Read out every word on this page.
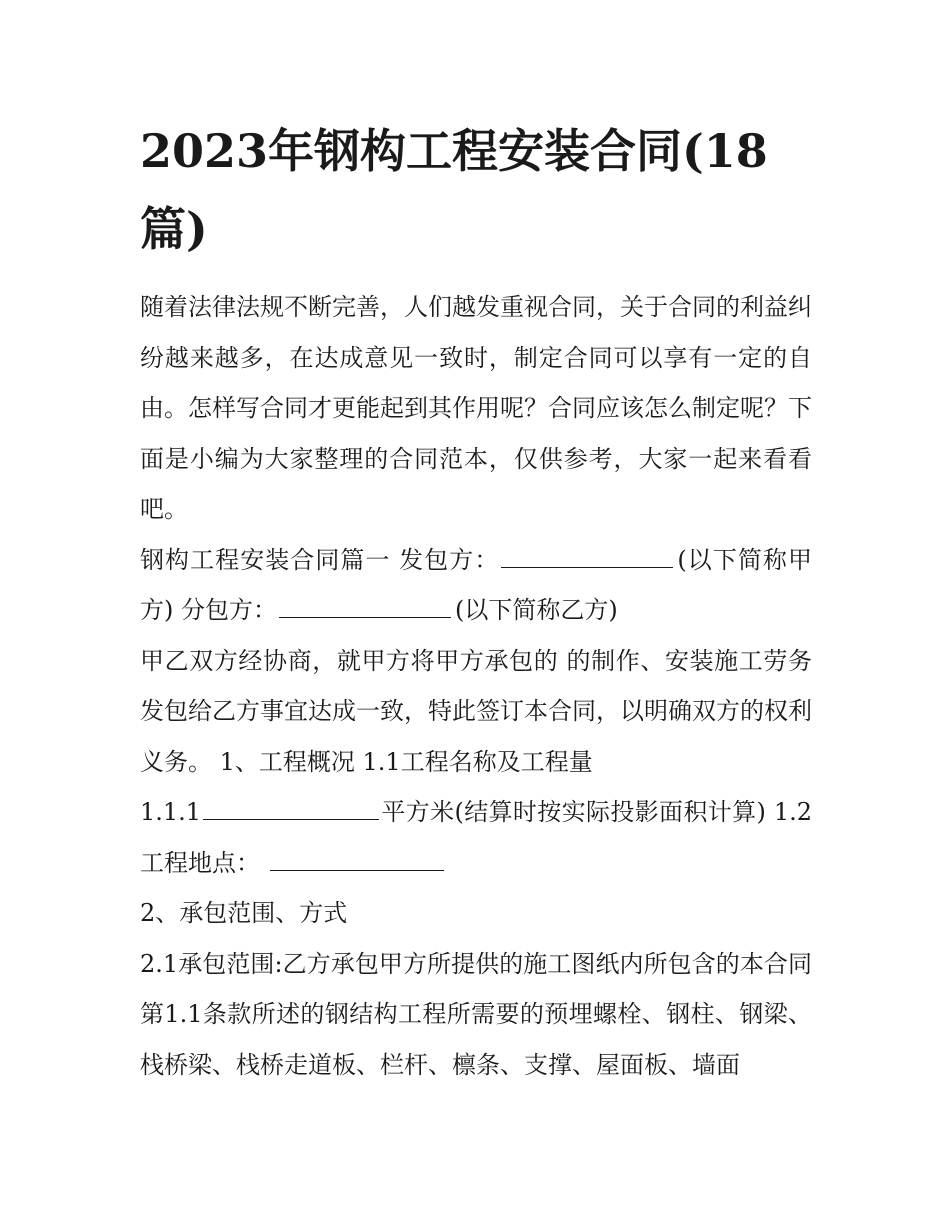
2023年钢构工程安装合同(18篇)

随着法律法规不断完善，人们越发重视合同，关于合同的利益纠纷越来越多，在达成意见一致时，制定合同可以享有一定的自由。怎样写合同才更能起到其作用呢？合同应该怎么制定呢？下面是小编为大家整理的合同范本，仅供参考，大家一起来看看吧。

钢构工程安装合同篇一 发包方：	(以下简称甲方) 分包方：	(以下简称乙方)

甲乙双方经协商，就甲方将甲方承包的 的制作、安装施工劳务发包给乙方事宜达成一致，特此签订本合同，以明确双方的权利义务。 1、工程概况 1.1工程名称及工程量

1.1.1	平方米(结算时按实际投影面积计算) 1.2工程地点：

2、承包范围、方式

2.1承包范围:乙方承包甲方所提供的施工图纸内所包含的本合同第1.1条款所述的钢结构工程所需要的预埋螺栓、钢柱、钢梁、栈桥梁、栈桥走道板、栏杆、檩条、支撑、屋面板、墙面
